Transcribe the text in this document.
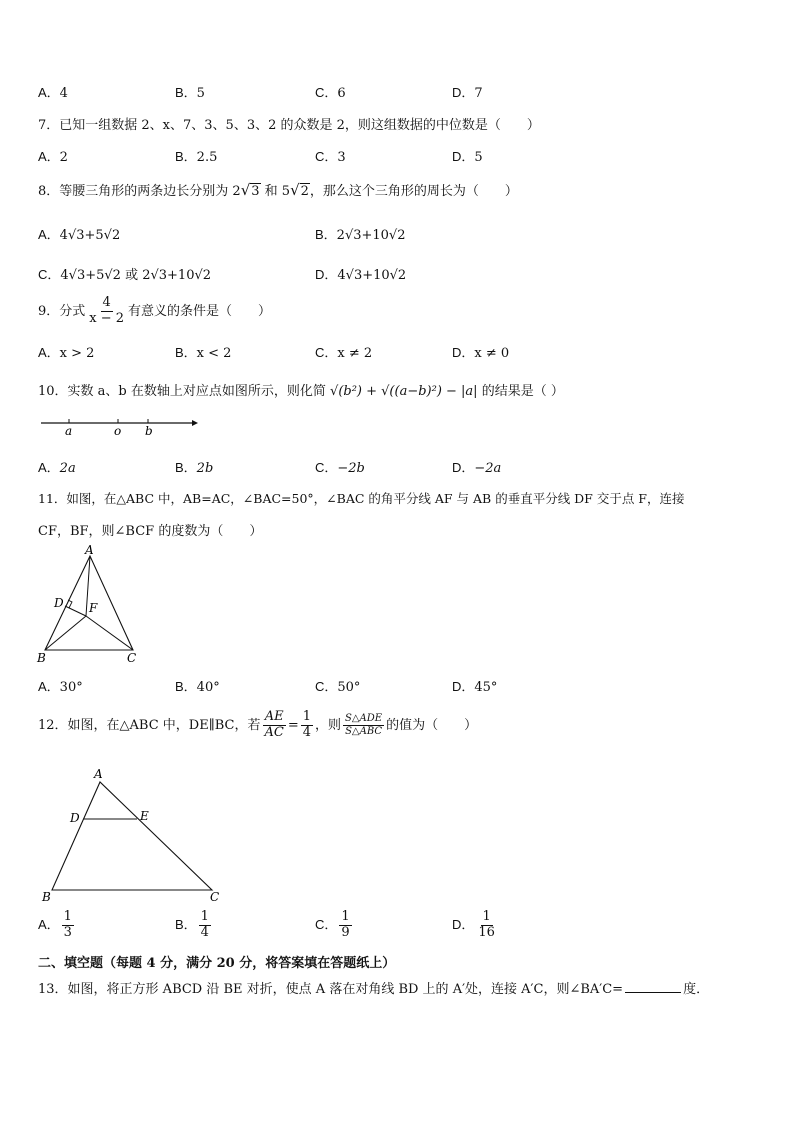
A．4	B．5	C．6	D．7
7．已知一组数据 2、x、7、3、5、3、2 的众数是 2，则这组数据的中位数是（　　）
A．2	B．2.5	C．3	D．5
8．等腰三角形的两条边长分别为 2√3 和 5√2，那么这个三角形的周长为（　　）
A．4√3+5√2	B．2√3+10√2
C．4√3+5√2 或 2√3+10√2	D．4√3+10√2
9．分式 $\frac{4}{x - 2}$ 有意义的条件是（　　）
A．x > 2	B．x < 2	C．x ≠ 2	D．x ≠ 0
10．实数 a、b 在数轴上对应点如图所示，则化简 √(b²) + √((a−b)²) − |a| 的结果是（ ）
a	o b
A．2a	B．2b	C．−2b	D．−2a
11．如图，在△ABC 中，AB=AC，∠BAC=50°，∠BAC 的角平分线 AF 与 AB 的垂直平分线 DF 交于点 F，连接
CF，BF，则∠BCF 的度数为（　　）
A
D F
B	C
A．30°	B．40°	C．50°	D．45°
12．如图，在△ABC 中，DE∥BC，若 $\frac{AE}{AC} = \frac{1}{4}$ ，则 $\frac{\text{S△ADE}}{\text{S△ABC}}$ 的值为（　　）
A
D	E
B	C
A． $\frac{1}{3}$	B． $\frac{1}{4}$	C． $\frac{1}{9}$	D． $\frac{1}{16}$
二、填空题（每题 4 分，满分 20 分，将答案填在答题纸上）
13．如图，将正方形 ABCD 沿 BE 对折，使点 A 落在对角线 BD 上的 A′处，连接 A′C，则∠BA′C=	度．
